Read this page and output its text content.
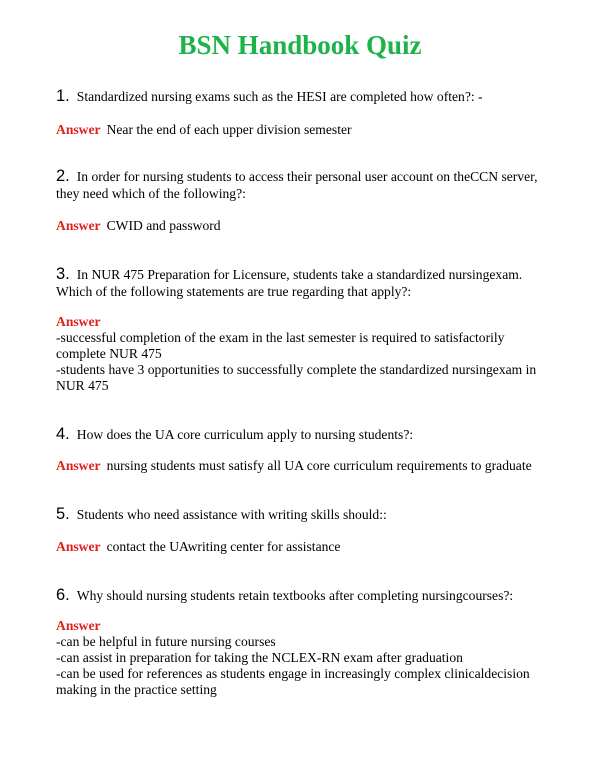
BSN Handbook Quiz
1. Standardized nursing exams such as the HESI are completed how often?: -
Answer Near the end of each upper division semester
2. In order for nursing students to access their personal user account on theCCN server, they need which of the following?:
Answer CWID and password
3. In NUR 475 Preparation for Licensure, students take a standardized nursingexam. Which of the following statements are true regarding that apply?:
Answer
-successful completion of the exam in the last semester is required to satisfactorily complete NUR 475
-students have 3 opportunities to successfully complete the standardized nursingexam in NUR 475
4. How does the UA core curriculum apply to nursing students?:
Answer nursing students must satisfy all UA core curriculum requirements to graduate
5. Students who need assistance with writing skills should::
Answer contact the UAwriting center for assistance
6. Why should nursing students retain textbooks after completing nursingcourses?:
Answer
-can be helpful in future nursing courses
-can assist in preparation for taking the NCLEX-RN exam after graduation
-can be used for references as students engage in increasingly complex clinicaldecision making in the practice setting
